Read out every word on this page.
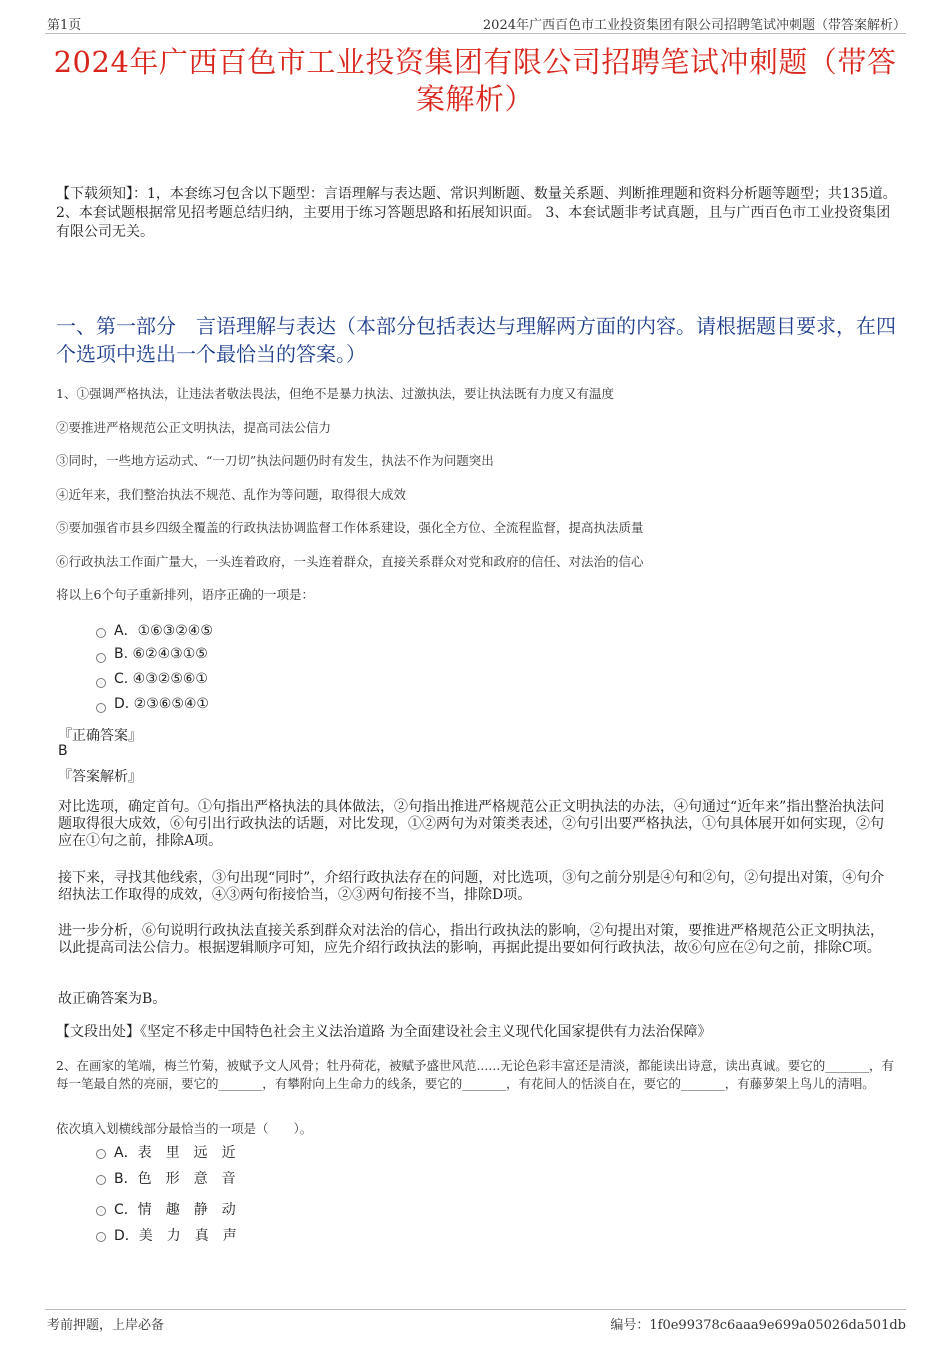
第1页	2024年广西百色市工业投资集团有限公司招聘笔试冲刺题（带答案解析）
2024年广西百色市工业投资集团有限公司招聘笔试冲刺题（带答案解析）
【下载须知】：1，本套练习包含以下题型：言语理解与表达题、常识判断题、数量关系题、判断推理题和资料分析题等题型；共135道。 2、本套试题根据常见招考题总结归纳，主要用于练习答题思路和拓展知识面。 3、本套试题非考试真题，且与广西百色市工业投资集团有限公司无关。
一、第一部分　言语理解与表达（本部分包括表达与理解两方面的内容。请根据题目要求，在四个选项中选出一个最恰当的答案。）
1、①强调严格执法，让违法者敬法畏法，但绝不是暴力执法、过激执法，要让执法既有力度又有温度
②要推进严格规范公正文明执法，提高司法公信力
③同时，一些地方运动式、“一刀切”执法问题仍时有发生，执法不作为问题突出
④近年来，我们整治执法不规范、乱作为等问题，取得很大成效
⑤要加强省市县乡四级全覆盖的行政执法协调监督工作体系建设，强化全方位、全流程监督，提高执法质量
⑥行政执法工作面广量大，一头连着政府，一头连着群众，直接关系群众对党和政府的信任、对法治的信心
将以上6个句子重新排列，语序正确的一项是：
A．①⑥③②④⑤
B. ⑥②④③①⑤
C. ④③②⑤⑥①
D. ②③⑥⑤④①
『正确答案』
B
『答案解析』
对比选项，确定首句。①句指出严格执法的具体做法，②句指出推进严格规范公正文明执法的办法，④句通过“近年来”指出整治执法问题取得很大成效，⑥句引出行政执法的话题，对比发现，①②两句为对策类表述，②句引出要严格执法，①句具体展开如何实现，②句应在①句之前，排除A项。
接下来，寻找其他线索，③句出现“同时”，介绍行政执法存在的问题，对比选项，③句之前分别是④句和②句，②句提出对策，④句介绍执法工作取得的成效，④③两句衔接恰当，②③两句衔接不当，排除D项。
进一步分析，⑥句说明行政执法直接关系到群众对法治的信心，指出行政执法的影响，②句提出对策，要推进严格规范公正文明执法，以此提高司法公信力。根据逻辑顺序可知，应先介绍行政执法的影响，再据此提出要如何行政执法，故⑥句应在②句之前，排除C项。
故正确答案为B。
【文段出处】《坚定不移走中国特色社会主义法治道路 为全面建设社会主义现代化国家提供有力法治保障》
2、在画家的笔端，梅兰竹菊，被赋予文人风骨；牡丹荷花，被赋予盛世风范......无论色彩丰富还是清淡，都能读出诗意，读出真诚。要它的_______，有每一笔最自然的亮丽，要它的_______，有攀附向上生命力的线条，要它的_______，有花间人的恬淡自在，要它的_______，有藤萝架上鸟儿的清唱。
依次填入划横线部分最恰当的一项是（　　）。
A．表　里　远　近
B．色　形　意　音
C．情　趣　静　动
D．美　力　真　声
考前押题，上岸必备	编号：1f0e99378c6aaa9e699a05026da501db
